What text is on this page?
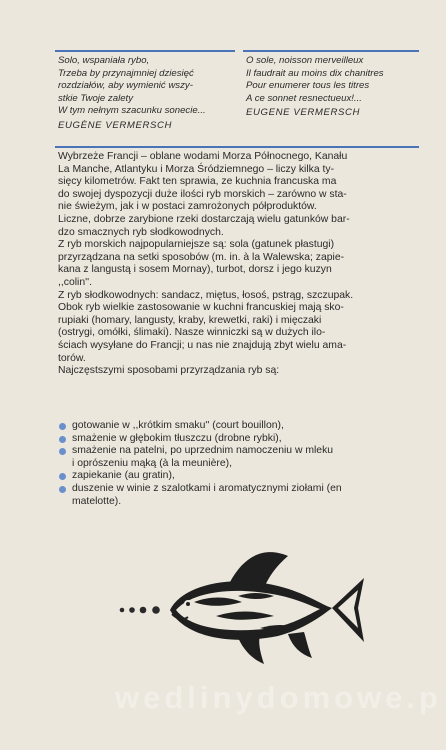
Solo, wspaniała rybo,
Trzeba by przynajmniej dziesięć
rozdziałów, aby wymienić wszy-
stkie Twoje zalety
W tym nełnym szacunku sonecie...
EUGÈNE VERMERSCH
O sole, noisson merveilleux
Il faudrait au moins dix chanitres
Pour enumerer tous les titres
A ce sonnet resnectueux!...
EUGENE VERMERSCH
Wybrzeże Francji – oblane wodami Morza Północnego, Kanału
La Manche, Atlantyku i Morza Śródziemnego – liczy kilka ty-
sięcy kilometrów. Fakt ten sprawia, ze kuchnia francuska ma
do swojej dyspozycji duże ilości ryb morskich – zarówno w sta-
nie świeżym, jak i w postaci zamrożonych półproduktów.
Liczne, dobrze zarybione rzeki dostarczają wielu gatunków bar-
dzo smacznych ryb słodkowodnych.
Z ryb morskich najpopularniejsze są: sola (gatunek płastugi)
przyrządzana na setki sposobów (m. in. à la Walewska; zapie-
kana z langustą i sosem Mornay), turbot, dorsz i jego kuzyn
,,colin''.
Z ryb słodkowodnych: sandacz, miętus, łosoś, pstrąg, szczupak.
Obok ryb wielkie zastosowanie w kuchni francuskiej mają sko-
rupiaki (homary, langusty, kraby, krewetki, raki) i mięczaki
(ostrygi, omółki, ślimaki). Nasze winniczki są w dużych ilo-
ściach wysyłane do Francji; u nas nie znajdują zbyt wielu ama-
torów.
Najczęstszymi sposobami przyrządzania ryb są:
gotowanie w ,,krótkim smaku'' (court bouillon),
smażenie w głębokim tłuszczu (drobne rybki),
smażenie na patelni, po uprzednim namoczeniu w mleku
i oprószeniu mąką (à la meunière),
zapiekanie (au gratin),
duszenie w winie z szalotkami i aromatycznymi ziołami (en
matelotte).
wedlinydomowe.p
